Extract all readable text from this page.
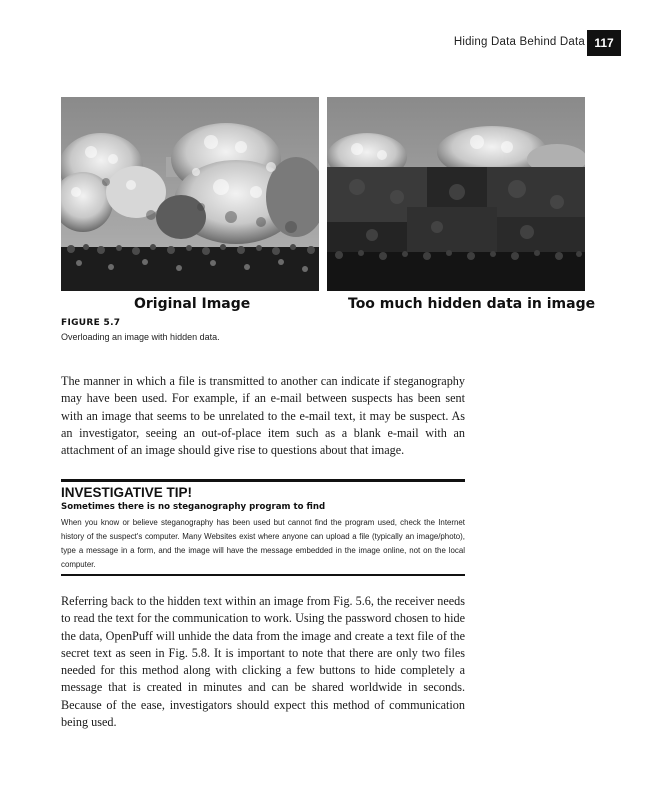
Hiding Data Behind Data 117
Original Image	Too much hidden data in image
FIGURE 5.7
Overloading an image with hidden data.

The manner in which a file is transmitted to another can indicate if steganography may have been used. For example, if an e-mail between suspects has been sent with an image that seems to be unrelated to the e-mail text, it may be suspect. As an investigator, seeing an out-of-place item such as a blank e-mail with an attachment of an image should give rise to questions about that image.

INVESTIGATIVE TIP!
Sometimes there is no steganography program to find

When you know or believe steganography has been used but cannot find the program used, check the Internet history of the suspect's computer. Many Websites exist where anyone can upload a file (typically an image/photo), type a message in a form, and the image will have the message embedded in the image online, not on the local computer.

Referring back to the hidden text within an image from Fig. 5.6, the receiver needs to read the text for the communication to work. Using the password chosen to hide the data, OpenPuff will unhide the data from the image and create a text file of the secret text as seen in Fig. 5.8. It is important to note that there are only two files needed for this method along with clicking a few buttons to hide completely a message that is created in minutes and can be shared worldwide in seconds. Because of the ease, investigators should expect this method of communication being used.
